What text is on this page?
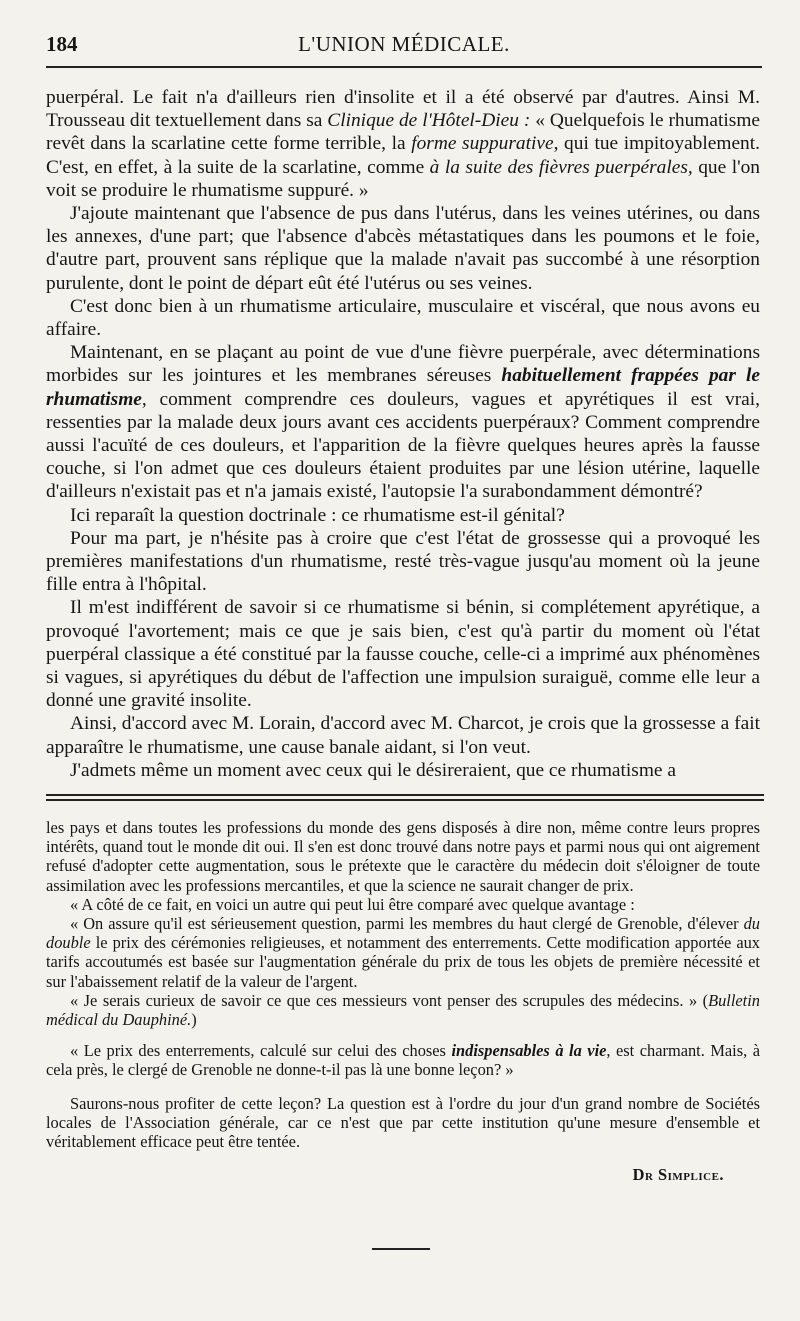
184	L'UNION MÉDICALE.

puerpéral. Le fait n'a d'ailleurs rien d'insolite et il a été observé par d'autres. Ainsi M. Trousseau dit textuellement dans sa Clinique de l'Hôtel-Dieu : « Quelquefois le rhumatisme revêt dans la scarlatine cette forme terrible, la forme suppurative, qui tue impitoyablement. C'est, en effet, à la suite de la scarlatine, comme à la suite des fièvres puerpérales, que l'on voit se produire le rhumatisme suppuré. »

J'ajoute maintenant que l'absence de pus dans l'utérus, dans les veines utérines, ou dans les annexes, d'une part; que l'absence d'abcès métastatiques dans les poumons et le foie, d'autre part, prouvent sans réplique que la malade n'avait pas succombé à une résorption purulente, dont le point de départ eût été l'utérus ou ses veines.

C'est donc bien à un rhumatisme articulaire, musculaire et viscéral, que nous avons eu affaire.

Maintenant, en se plaçant au point de vue d'une fièvre puerpérale, avec déterminations morbides sur les jointures et les membranes séreuses habituellement frappées par le rhumatisme, comment comprendre ces douleurs, vagues et apyrétiques il est vrai, ressenties par la malade deux jours avant ces accidents puerpéraux? Comment comprendre aussi l'acuïté de ces douleurs, et l'apparition de la fièvre quelques heures après la fausse couche, si l'on admet que ces douleurs étaient produites par une lésion utérine, laquelle d'ailleurs n'existait pas et n'a jamais existé, l'autopsie l'a surabondamment démontré?

Ici reparaît la question doctrinale : ce rhumatisme est-il génital?

Pour ma part, je n'hésite pas à croire que c'est l'état de grossesse qui a provoqué les premières manifestations d'un rhumatisme, resté très-vague jusqu'au moment où la jeune fille entra à l'hôpital.

Il m'est indifférent de savoir si ce rhumatisme si bénin, si complétement apyrétique, a provoqué l'avortement; mais ce que je sais bien, c'est qu'à partir du moment où l'état puerpéral classique a été constitué par la fausse couche, celle-ci a imprimé aux phénomènes si vagues, si apyrétiques du début de l'affection une impulsion suraiguë, comme elle leur a donné une gravité insolite.

Ainsi, d'accord avec M. Lorain, d'accord avec M. Charcot, je crois que la grossesse a fait apparaître le rhumatisme, une cause banale aidant, si l'on veut.

J'admets même un moment avec ceux qui le désireraient, que ce rhumatisme a

les pays et dans toutes les professions du monde des gens disposés à dire non, même contre leurs propres intérêts, quand tout le monde dit oui. Il s'en est donc trouvé dans notre pays et parmi nous qui ont aigrement refusé d'adopter cette augmentation, sous le prétexte que le caractère du médecin doit s'éloigner de toute assimilation avec les professions mercantiles, et que la science ne saurait changer de prix.

« A côté de ce fait, en voici un autre qui peut lui être comparé avec quelque avantage :

« On assure qu'il est sérieusement question, parmi les membres du haut clergé de Grenoble, d'élever du double le prix des cérémonies religieuses, et notamment des enterrements. Cette modification apportée aux tarifs accoutumés est basée sur l'augmentation générale du prix de tous les objets de première nécessité et sur l'abaissement relatif de la valeur de l'argent.

« Je serais curieux de savoir ce que ces messieurs vont penser des scrupules des médecins. » (Bulletin médical du Dauphiné.)

« Le prix des enterrements, calculé sur celui des choses indispensables à la vie, est charmant. Mais, à cela près, le clergé de Grenoble ne donne-t-il pas là une bonne leçon? »

Saurons-nous profiter de cette leçon? La question est à l'ordre du jour d'un grand nombre de Sociétés locales de l'Association générale, car ce n'est que par cette institution qu'une mesure d'ensemble et véritablement efficace peut être tentée.

Dr Simplice.
